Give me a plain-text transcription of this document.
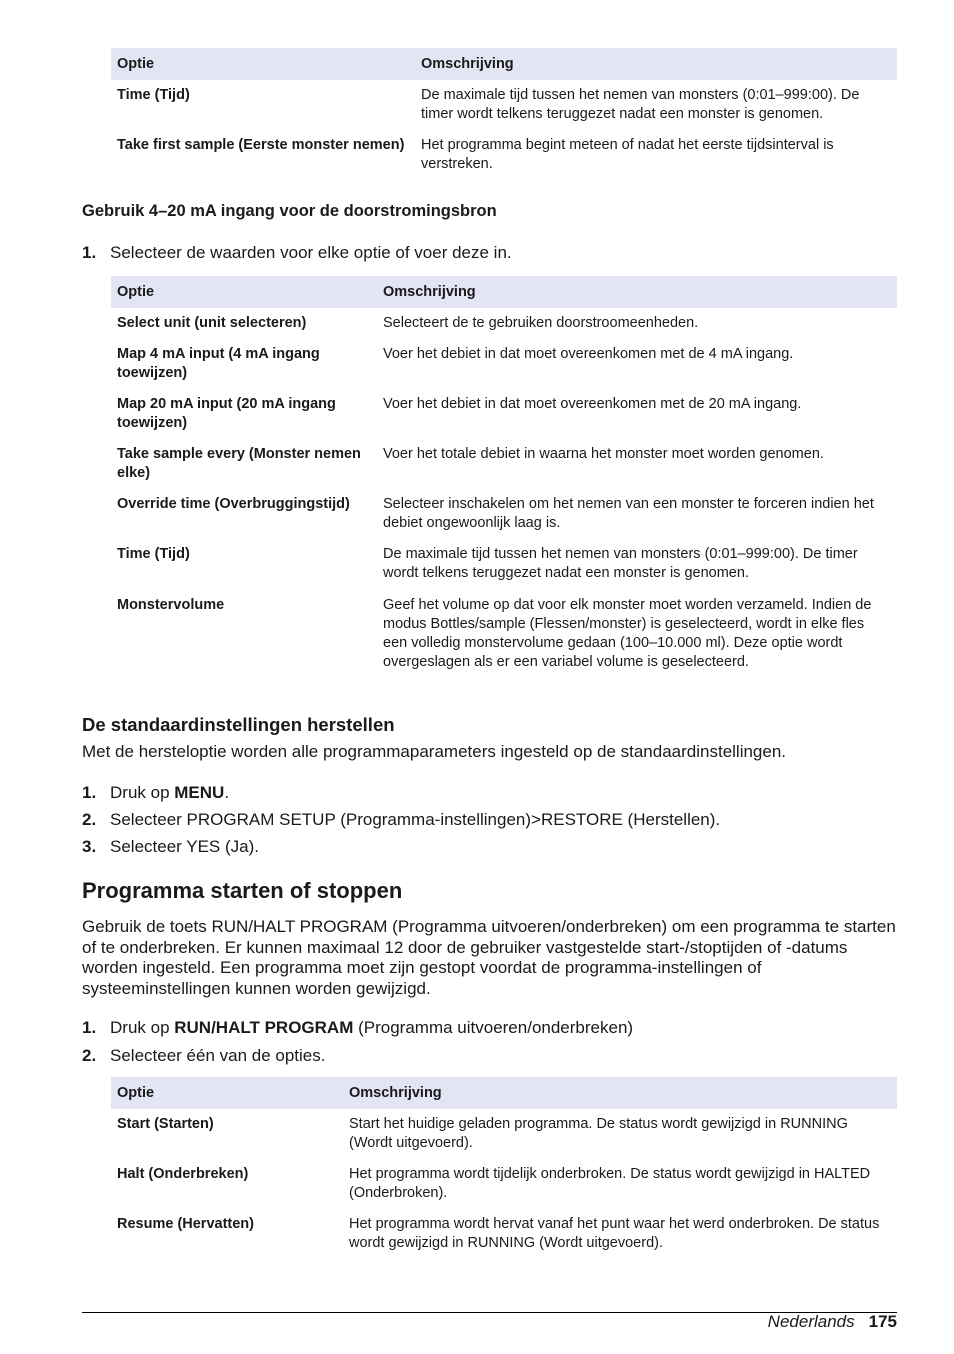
Optie	Omschrijving
Time (Tijd)	De maximale tijd tussen het nemen van monsters (0:01–999:00). De timer wordt telkens teruggezet nadat een monster is genomen.
Take first sample (Eerste monster nemen)	Het programma begint meteen of nadat het eerste tijdsinterval is verstreken.
Gebruik 4–20 mA ingang voor de doorstromingsbron
1. Selecteer de waarden voor elke optie of voer deze in.
Optie	Omschrijving
Select unit (unit selecteren)	Selecteert de te gebruiken doorstroomeenheden.
Map 4 mA input (4 mA ingang toewijzen)	Voer het debiet in dat moet overeenkomen met de 4 mA ingang.
Map 20 mA input (20 mA ingang toewijzen)	Voer het debiet in dat moet overeenkomen met de 20 mA ingang.
Take sample every (Monster nemen elke)	Voer het totale debiet in waarna het monster moet worden genomen.
Override time (Overbruggingstijd)	Selecteer inschakelen om het nemen van een monster te forceren indien het debiet ongewoonlijk laag is.
Time (Tijd)	De maximale tijd tussen het nemen van monsters (0:01–999:00). De timer wordt telkens teruggezet nadat een monster is genomen.
Monstervolume	Geef het volume op dat voor elk monster moet worden verzameld. Indien de modus Bottles/sample (Flessen/monster) is geselecteerd, wordt in elke fles een volledig monstervolume gedaan (100–10.000 ml). Deze optie wordt overgeslagen als er een variabel volume is geselecteerd.
De standaardinstellingen herstellen
Met de hersteloptie worden alle programmaparameters ingesteld op de standaardinstellingen.
1. Druk op MENU.
2. Selecteer PROGRAM SETUP (Programma-instellingen)>RESTORE (Herstellen).
3. Selecteer YES (Ja).
Programma starten of stoppen
Gebruik de toets RUN/HALT PROGRAM (Programma uitvoeren/onderbreken) om een programma te starten of te onderbreken. Er kunnen maximaal 12 door de gebruiker vastgestelde start-/stoptijden of -datums worden ingesteld. Een programma moet zijn gestopt voordat de programma-instellingen of systeeminstellingen kunnen worden gewijzigd.
1. Druk op RUN/HALT PROGRAM (Programma uitvoeren/onderbreken)
2. Selecteer één van de opties.
Optie	Omschrijving
Start (Starten)	Start het huidige geladen programma. De status wordt gewijzigd in RUNNING (Wordt uitgevoerd).
Halt (Onderbreken)	Het programma wordt tijdelijk onderbroken. De status wordt gewijzigd in HALTED (Onderbroken).
Resume (Hervatten)	Het programma wordt hervat vanaf het punt waar het werd onderbroken. De status wordt gewijzigd in RUNNING (Wordt uitgevoerd).
Nederlands 175
